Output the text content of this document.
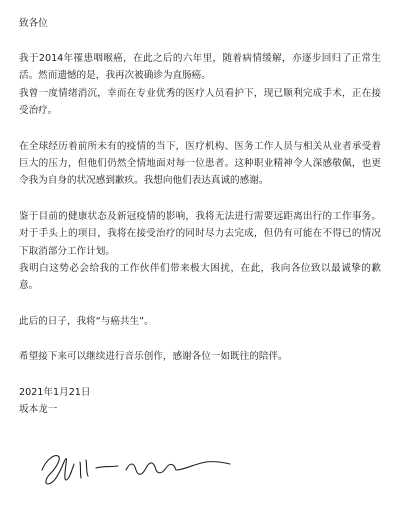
致各位

我于2014年罹患咽喉癌，在此之后的六年里，随着病情缓解，亦逐步回归了正常生活。然而遗憾的是，我再次被确诊为直肠癌。

我曾一度情绪消沉，幸而在专业优秀的医疗人员看护下，现已顺利完成手术，正在接受治疗。

在全球经历着前所未有的疫情的当下，医疗机构、医务工作人员与相关从业者承受着巨大的压力，但他们仍然全情地面对每一位患者。这种职业精神令人深感敬佩，也更令我为自身的状况感到歉疚。我想向他们表达真诚的感谢。

鉴于目前的健康状态及新冠疫情的影响，我将无法进行需要远距离出行的工作事务。对于手头上的项目，我将在接受治疗的同时尽力去完成，但仍有可能在不得已的情况下取消部分工作计划。

我明白这势必会给我的工作伙伴们带来极大困扰，在此，我向各位致以最诚挚的歉意。

此后的日子，我将“与癌共生”。

希望接下来可以继续进行音乐创作，感谢各位一如既往的陪伴。

2021年1月21日

坂本龙一
